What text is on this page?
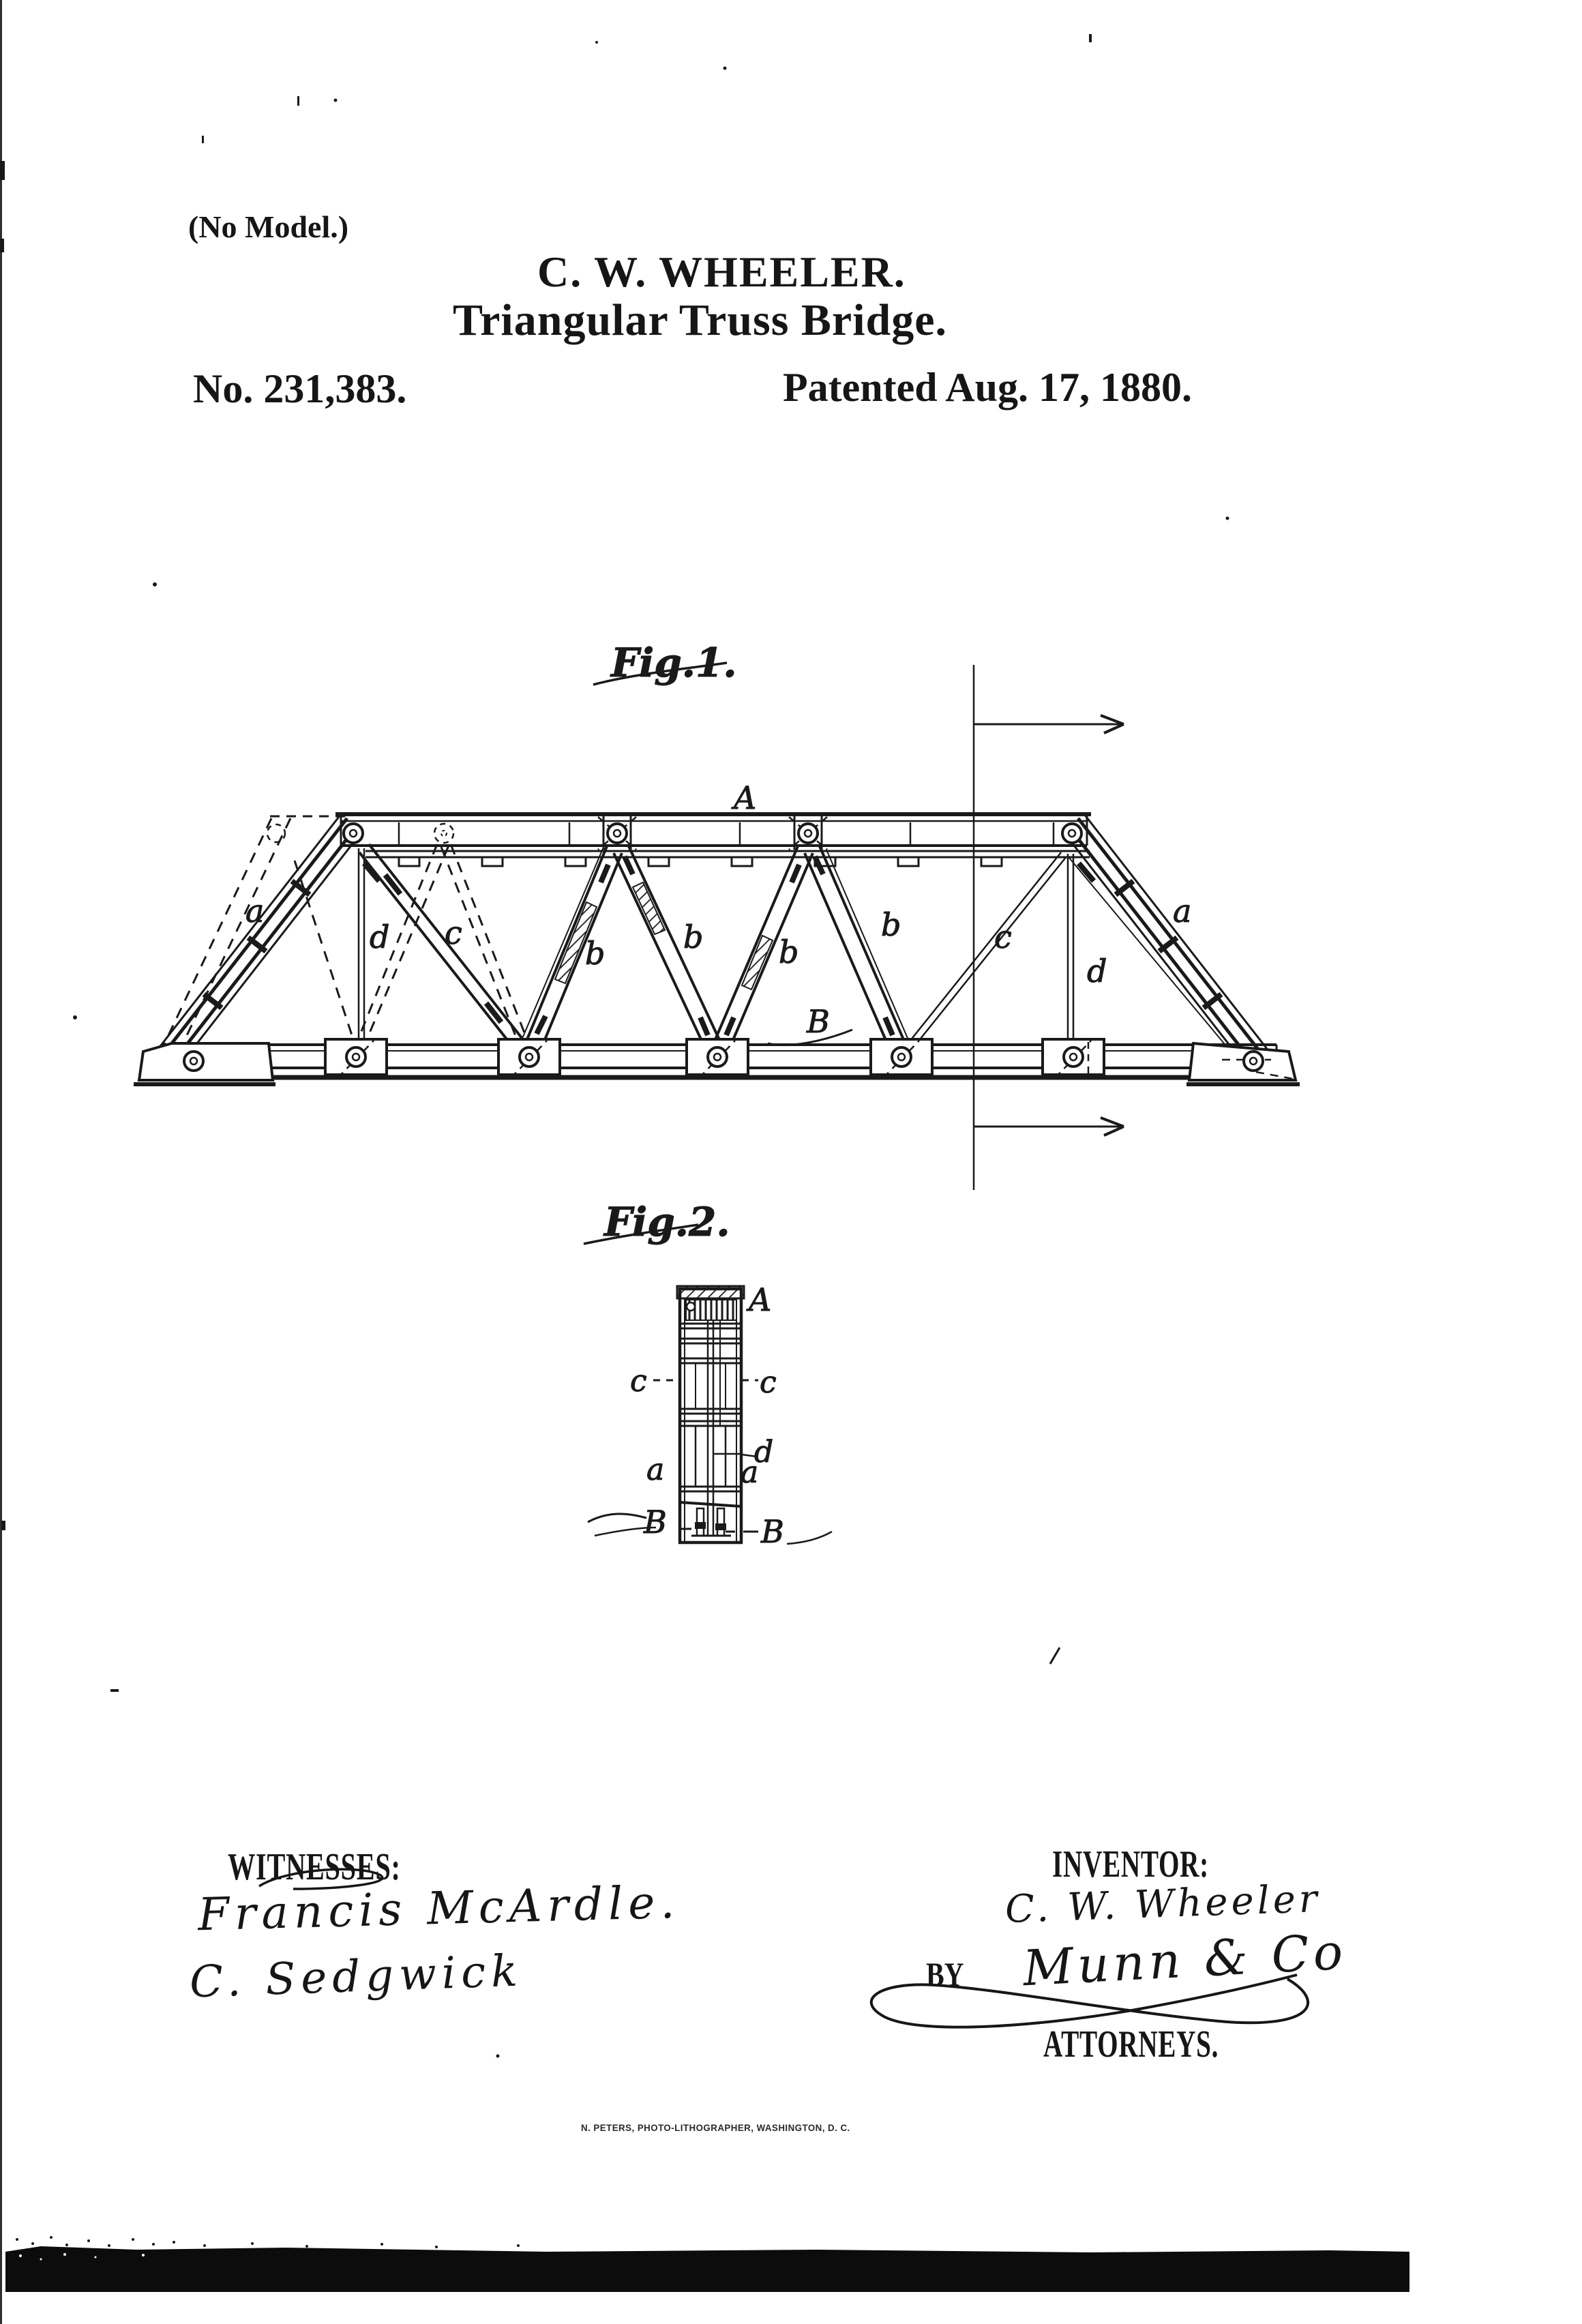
(No Model.)
C. W. WHEELER.
Triangular Truss Bridge.
No. 231,383.	Patented Aug. 17, 1880.
Fig.1.
A
B
a
d c
b b b
b	c
d
a
Fig.2.
A
c	c
d
a	a
B	B
WITNESSES:
Francis McArdle.
C. Sedgwick
INVENTOR:
C. W. Wheeler
BY Munn & Co
ATTORNEYS.
N. PETERS, PHOTO-LITHOGRAPHER, WASHINGTON, D. C.
